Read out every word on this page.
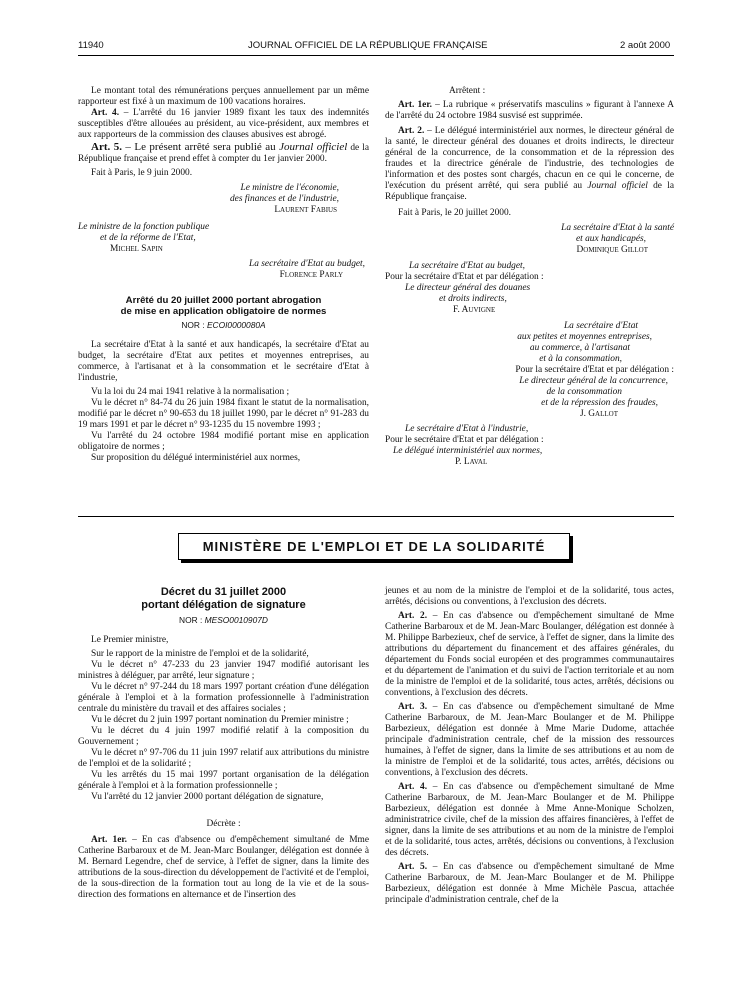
11940	JOURNAL OFFICIEL DE LA RÉPUBLIQUE FRANÇAISE	2 août 2000

Le montant total des rémunérations perçues annuellement par un même rapporteur est fixé à un maximum de 100 vacations horaires.

Art. 4. – L'arrêté du 16 janvier 1989 fixant les taux des indemnités susceptibles d'être allouées au président, au vice-président, aux membres et aux rapporteurs de la commission des clauses abusives est abrogé.

Art. 5. – Le présent arrêté sera publié au Journal officiel de la République française et prend effet à compter du 1er janvier 2000.

Fait à Paris, le 9 juin 2000.

Le ministre de l'économie,

des finances et de l'industrie,

Laurent Fabius

Le ministre de la fonction publique

et de la réforme de l'Etat,

Michel Sapin

La secrétaire d'Etat au budget,

Florence Parly

Arrêté du 20 juillet 2000 portant abrogation

de mise en application obligatoire de normes

NOR : ECOI0000080A

La secrétaire d'Etat à la santé et aux handicapés, la secrétaire d'Etat au budget, la secrétaire d'Etat aux petites et moyennes entreprises, au commerce, à l'artisanat et à la consommation et le secrétaire d'Etat à l'industrie,

Vu la loi du 24 mai 1941 relative à la normalisation ;

Vu le décret n° 84-74 du 26 juin 1984 fixant le statut de la normalisation, modifié par le décret n° 90-653 du 18 juillet 1990, par le décret n° 91-283 du 19 mars 1991 et par le décret n° 93-1235 du 15 novembre 1993 ;

Vu l'arrêté du 24 octobre 1984 modifié portant mise en application obligatoire de normes ;

Sur proposition du délégué interministériel aux normes,

Arrêtent :

Art. 1er. – La rubrique « préservatifs masculins » figurant à l'annexe A de l'arrêté du 24 octobre 1984 susvisé est supprimée.

Art. 2. – Le délégué interministériel aux normes, le directeur général de la santé, le directeur général des douanes et droits indirects, le directeur général de la concurrence, de la consommation et de la répression des fraudes et la directrice générale de l'industrie, des technologies de l'information et des postes sont chargés, chacun en ce qui le concerne, de l'exécution du présent arrêté, qui sera publié au Journal officiel de la République française.

Fait à Paris, le 20 juillet 2000.

La secrétaire d'Etat à la santé

et aux handicapés,

Dominique Gillot

La secrétaire d'Etat au budget,

Pour la secrétaire d'Etat et par délégation :

Le directeur général des douanes

et droits indirects,

F. Auvigne

La secrétaire d'Etat

aux petites et moyennes entreprises,

au commerce, à l'artisanat

et à la consommation,

Pour la secrétaire d'Etat et par délégation :

Le directeur général de la concurrence,

de la consommation

et de la répression des fraudes,

J. Gallot

Le secrétaire d'Etat à l'industrie,

Pour le secrétaire d'Etat et par délégation :

Le délégué interministériel aux normes,

P. Laval

MINISTÈRE DE L'EMPLOI ET DE LA SOLIDARITÉ

Décret du 31 juillet 2000

portant délégation de signature

NOR : MESO0010907D

Le Premier ministre,

Sur le rapport de la ministre de l'emploi et de la solidarité,

Vu le décret n° 47-233 du 23 janvier 1947 modifié autorisant les ministres à déléguer, par arrêté, leur signature ;

Vu le décret n° 97-244 du 18 mars 1997 portant création d'une délégation générale à l'emploi et à la formation professionnelle à l'administration centrale du ministère du travail et des affaires sociales ;

Vu le décret du 2 juin 1997 portant nomination du Premier ministre ;

Vu le décret du 4 juin 1997 modifié relatif à la composition du Gouvernement ;

Vu le décret n° 97-706 du 11 juin 1997 relatif aux attributions du ministre de l'emploi et de la solidarité ;

Vu les arrêtés du 15 mai 1997 portant organisation de la délégation générale à l'emploi et à la formation professionnelle ;

Vu l'arrêté du 12 janvier 2000 portant délégation de signature,

Décrète :

Art. 1er. – En cas d'absence ou d'empêchement simultané de Mme Catherine Barbaroux et de M. Jean-Marc Boulanger, délégation est donnée à M. Bernard Legendre, chef de service, à l'effet de signer, dans la limite des attributions de la sous-direction du développement de l'activité et de l'emploi, de la sous-direction de la formation tout au long de la vie et de la sous-direction des formations en alternance et de l'insertion des

jeunes et au nom de la ministre de l'emploi et de la solidarité, tous actes, arrêtés, décisions ou conventions, à l'exclusion des décrets.

Art. 2. – En cas d'absence ou d'empêchement simultané de Mme Catherine Barbaroux et de M. Jean-Marc Boulanger, délégation est donnée à M. Philippe Barbezieux, chef de service, à l'effet de signer, dans la limite des attributions du département du financement et des affaires générales, du département du Fonds social européen et des programmes communautaires et du département de l'animation et du suivi de l'action territoriale et au nom de la ministre de l'emploi et de la solidarité, tous actes, arrêtés, décisions ou conventions, à l'exclusion des décrets.

Art. 3. – En cas d'absence ou d'empêchement simultané de Mme Catherine Barbaroux, de M. Jean-Marc Boulanger et de M. Philippe Barbezieux, délégation est donnée à Mme Marie Dudome, attachée principale d'administration centrale, chef de la mission des ressources humaines, à l'effet de signer, dans la limite de ses attributions et au nom de la ministre de l'emploi et de la solidarité, tous actes, arrêtés, décisions ou conventions, à l'exclusion des décrets.

Art. 4. – En cas d'absence ou d'empêchement simultané de Mme Catherine Barbaroux, de M. Jean-Marc Boulanger et de M. Philippe Barbezieux, délégation est donnée à Mme Anne-Monique Scholzen, administratrice civile, chef de la mission des affaires financières, à l'effet de signer, dans la limite de ses attributions et au nom de la ministre de l'emploi et de la solidarité, tous actes, arrêtés, décisions ou conventions, à l'exclusion des décrets.

Art. 5. – En cas d'absence ou d'empêchement simultané de Mme Catherine Barbaroux, de M. Jean-Marc Boulanger et de M. Philippe Barbezieux, délégation est donnée à Mme Michèle Pascua, attachée principale d'administration centrale, chef de la
